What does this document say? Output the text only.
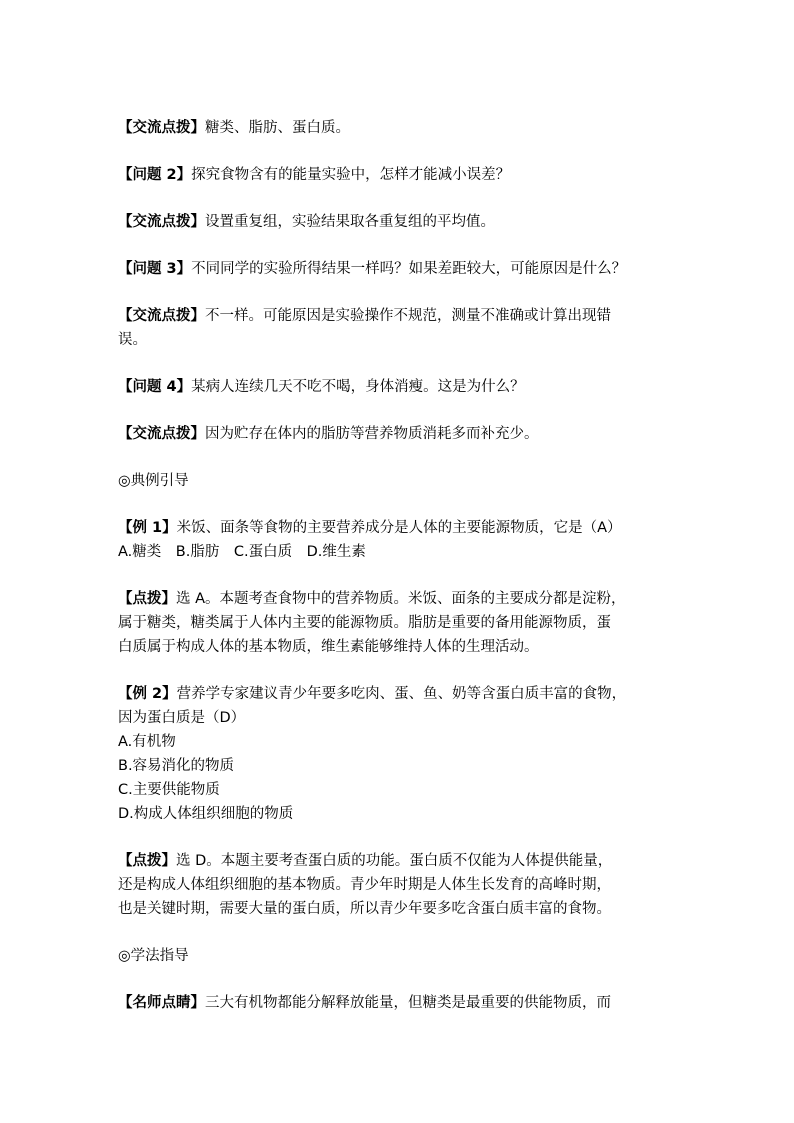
【交流点拨】糖类、脂肪、蛋白质。

【问题 2】探究食物含有的能量实验中，怎样才能减小误差？

【交流点拨】设置重复组，实验结果取各重复组的平均值。

【问题 3】不同同学的实验所得结果一样吗？如果差距较大，可能原因是什么？

【交流点拨】不一样。可能原因是实验操作不规范，测量不准确或计算出现错
误。

【问题 4】某病人连续几天不吃不喝，身体消瘦。这是为什么？

【交流点拨】因为贮存在体内的脂肪等营养物质消耗多而补充少。

◎典例引导

【例 1】米饭、面条等食物的主要营养成分是人体的主要能源物质，它是（A）
A.糖类　B.脂肪　C.蛋白质　D.维生素

【点拨】选 A。本题考查食物中的营养物质。米饭、面条的主要成分都是淀粉，
属于糖类，糖类属于人体内主要的能源物质。脂肪是重要的备用能源物质，蛋
白质属于构成人体的基本物质，维生素能够维持人体的生理活动。

【例 2】营养学专家建议青少年要多吃肉、蛋、鱼、奶等含蛋白质丰富的食物，
因为蛋白质是（D）
A.有机物
B.容易消化的物质
C.主要供能物质
D.构成人体组织细胞的物质

【点拨】选 D。本题主要考查蛋白质的功能。蛋白质不仅能为人体提供能量，
还是构成人体组织细胞的基本物质。青少年时期是人体生长发育的高峰时期，
也是关键时期，需要大量的蛋白质，所以青少年要多吃含蛋白质丰富的食物。

◎学法指导

【名师点睛】三大有机物都能分解释放能量，但糖类是最重要的供能物质，而
